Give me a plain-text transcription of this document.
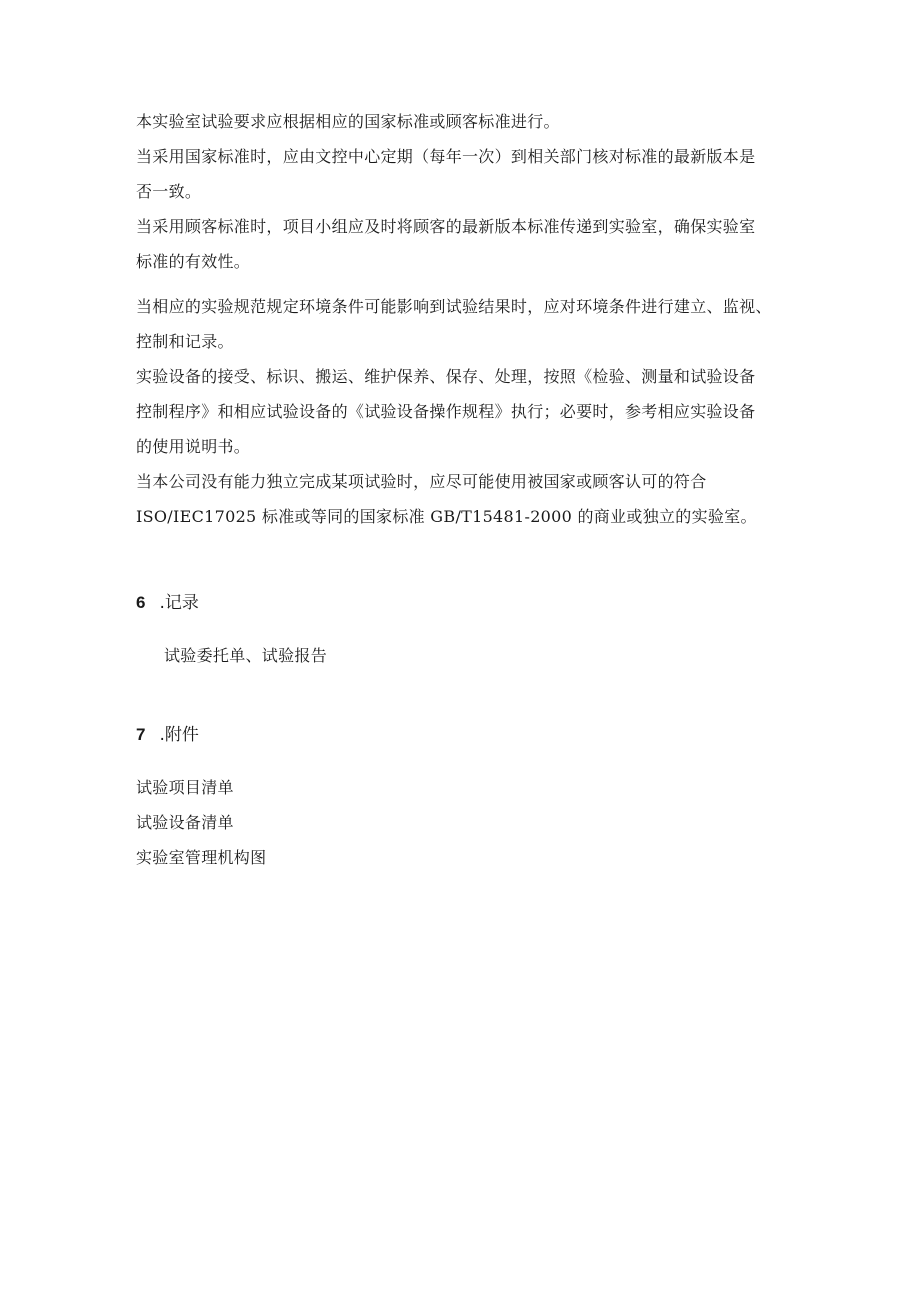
本实验室试验要求应根据相应的国家标准或顾客标准进行。

当采用国家标准时，应由文控中心定期（每年一次）到相关部门核对标准的最新版本是
否一致。

当采用顾客标准时，项目小组应及时将顾客的最新版本标准传递到实验室，确保实验室
标准的有效性。

当相应的实验规范规定环境条件可能影响到试验结果时，应对环境条件进行建立、监视、
控制和记录。

实验设备的接受、标识、搬运、维护保养、保存、处理，按照《检验、测量和试验设备
控制程序》和相应试验设备的《试验设备操作规程》执行；必要时，参考相应实验设备
的使用说明书。

当本公司没有能力独立完成某项试验时，应尽可能使用被国家或顾客认可的符合
ISO/IEC17025 标准或等同的国家标准 GB/T15481-2000 的商业或独立的实验室。

6 .记录

试验委托单、试验报告

7 .附件

试验项目清单

试验设备清单

实验室管理机构图
